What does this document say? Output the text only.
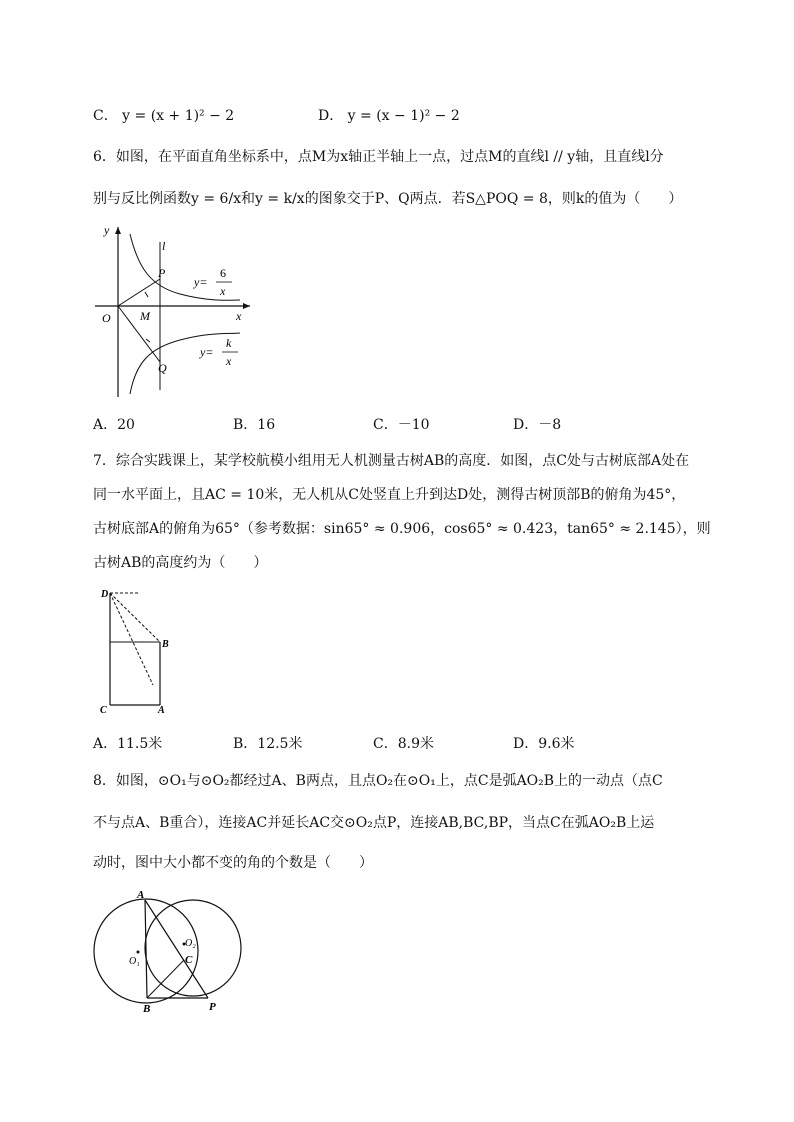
C． y = (x + 1)² − 2	D． y = (x − 1)² − 2
6．如图，在平面直角坐标系中，点M为x轴正半轴上一点，过点M的直线l // y轴，且直线l分
别与反比例函数y = 6/x和y = k/x的图象交于P、Q两点．若S△POQ = 8，则k的值为（　　）
y
x
l
O M
P
Q
y=
6
x
y=
k
x
A．20	B．16	C．－10	D．－8
7．综合实践课上，某学校航模小组用无人机测量古树AB的高度．如图，点C处与古树底部A处在
同一水平面上，且AC = 10米，无人机从C处竖直上升到达D处，测得古树顶部B的俯角为45°，
古树底部A的俯角为65°（参考数据：sin65° ≈ 0.906，cos65° ≈ 0.423，tan65° ≈ 2.145），则
古树AB的高度约为（　　）
D
B
C	A
A．11.5米	B．12.5米	C．8.9米	D．9.6米
8．如图，⊙O₁与⊙O₂都经过A、B两点，且点O₂在⊙O₁上，点C是弧AO₂B上的一动点（点C
不与点A、B重合），连接AC并延长AC交⊙O₂点P，连接AB,BC,BP，当点C在弧AO₂B上运
动时，图中大小都不变的角的个数是（　　）
A
B
C
P
O₁
O₂
